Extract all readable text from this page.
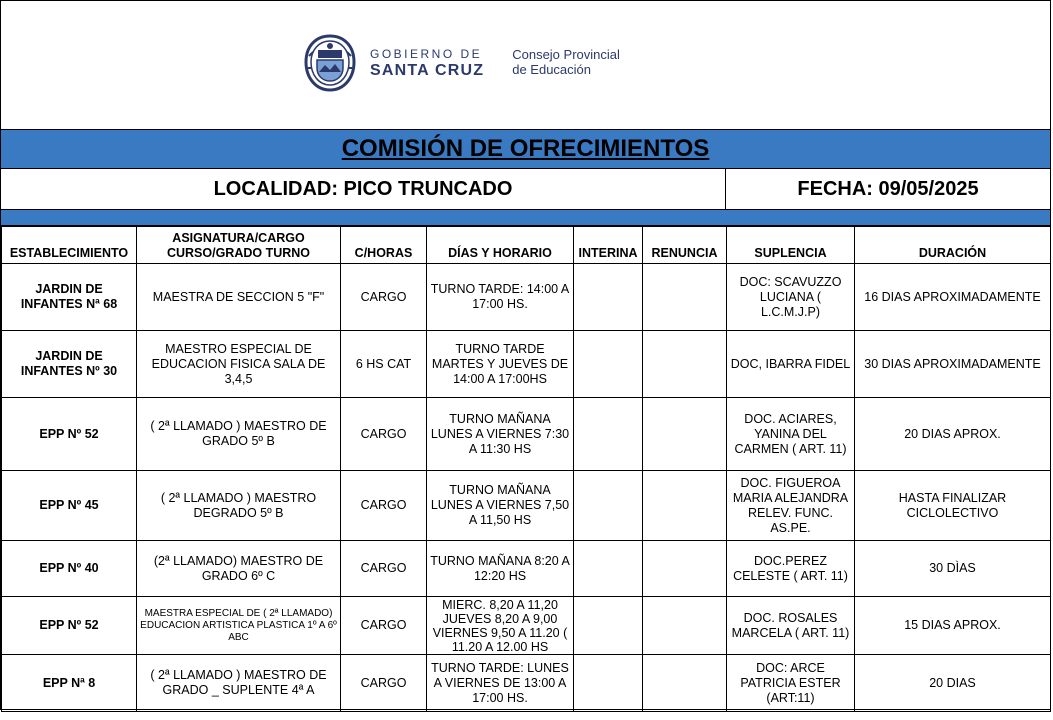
GOBIERNO DE
SANTA CRUZ
Consejo Provincial
de Educación
COMISIÓN DE OFRECIMIENTOS
LOCALIDAD: PICO TRUNCADO	FECHA: 09/05/2025
ESTABLECIMIENTO	ASIGNATURA/CARGO CURSO/GRADO TURNO	C/HORAS	DÍAS Y HORARIO	INTERINA	RENUNCIA	SUPLENCIA	DURACIÓN
JARDIN DE INFANTES Nª 68	MAESTRA DE SECCION 5 "F"	CARGO	TURNO TARDE: 14:00 A 17:00 HS.			DOC: SCAVUZZO LUCIANA ( L.C.M.J.P)	16 DIAS APROXIMADAMENTE
JARDIN DE INFANTES Nº 30	MAESTRO ESPECIAL DE EDUCACION FISICA SALA DE 3,4,5	6 HS CAT	TURNO TARDE MARTES Y JUEVES DE 14:00 A 17:00HS			DOC, IBARRA FIDEL	30 DIAS APROXIMADAMENTE
EPP Nº 52	( 2ª LLAMADO ) MAESTRO DE GRADO 5º B	CARGO	TURNO MAÑANA LUNES A VIERNES 7:30 A 11:30 HS			DOC. ACIARES, YANINA DEL CARMEN ( ART. 11)	20 DIAS APROX.
EPP Nº 45	( 2ª LLAMADO ) MAESTRO DEGRADO 5º B	CARGO	TURNO MAÑANA LUNES A VIERNES 7,50 A 11,50 HS			DOC. FIGUEROA MARIA ALEJANDRA RELEV. FUNC. AS.PE.	HASTA FINALIZAR CICLOLECTIVO
EPP Nº 40	(2ª LLAMADO) MAESTRO DE GRADO 6º C	CARGO	TURNO MAÑANA 8:20 A 12:20 HS			DOC.PEREZ CELESTE ( ART. 11)	30 DÌAS
EPP Nº 52	MAESTRA ESPECIAL DE ( 2ª LLAMADO) EDUCACION ARTISTICA PLASTICA 1º A 6º ABC	CARGO	MIERC. 8,20 A 11,20 JUEVES 8,20 A 9,00 VIERNES 9,50 A 11.20 ( 11.20 A 12.00 HS			DOC. ROSALES MARCELA ( ART. 11)	15 DIAS APROX.
EPP Nª 8	( 2ª LLAMADO ) MAESTRO DE GRADO _ SUPLENTE 4ª A	CARGO	TURNO TARDE: LUNES A VIERNES DE 13:00 A 17:00 HS.			DOC: ARCE PATRICIA ESTER (ART:11)	20 DIAS
